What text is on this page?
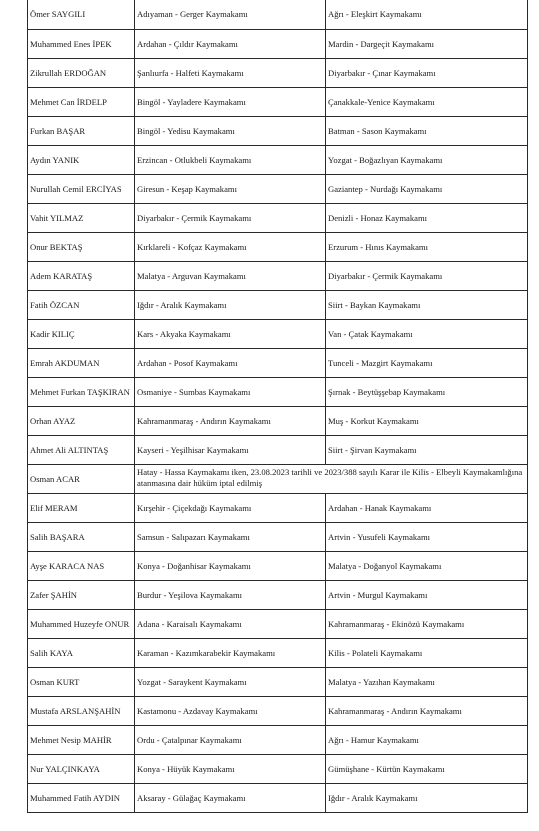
Ömer SAYGILI	Adıyaman - Gerger Kaymakamı	Ağrı - Eleşkirt Kaymakamı
Muhammed Enes İPEK	Ardahan - Çıldır Kaymakamı	Mardin - Dargeçit Kaymakamı
Zikrullah ERDOĞAN	Şanlıurfa - Halfeti Kaymakamı	Diyarbakır - Çınar Kaymakamı
Mehmet Can İRDELP	Bingöl - Yayladere Kaymakamı	Çanakkale-Yenice Kaymakamı
Furkan BAŞAR	Bingöl - Yedisu Kaymakamı	Batman - Sason Kaymakamı
Aydın YANIK	Erzincan - Otlukbeli Kaymakamı	Yozgat - Boğazlıyan Kaymakamı
Nurullah Cemil ERCİYAS	Giresun - Keşap Kaymakamı	Gaziantep - Nurdağı Kaymakamı
Vahit YILMAZ	Diyarbakır - Çermik Kaymakamı	Denizli - Honaz Kaymakamı
Onur BEKTAŞ	Kırklareli - Kofçaz Kaymakamı	Erzurum - Hınıs Kaymakamı
Adem KARATAŞ	Malatya - Arguvan Kaymakamı	Diyarbakır - Çermik Kaymakamı
Fatih ÖZCAN	Iğdır - Aralık Kaymakamı	Siirt - Baykan Kaymakamı
Kadir KILIÇ	Kars - Akyaka Kaymakamı	Van - Çatak Kaymakamı
Emrah AKDUMAN	Ardahan - Posof Kaymakamı	Tunceli - Mazgirt Kaymakamı
Mehmet Furkan TAŞKIRAN	Osmaniye - Sumbas Kaymakamı	Şırnak - Beytüşşebap Kaymakamı
Orhan AYAZ	Kahramanmaraş - Andırın Kaymakamı	Muş - Korkut Kaymakamı
Ahmet Ali ALTINTAŞ	Kayseri - Yeşilhisar Kaymakamı	Siirt - Şirvan Kaymakamı
Osman ACAR	Hatay - Hassa Kaymakamı iken, 23.08.2023 tarihli ve 2023/388 sayılı Karar ile Kilis - Elbeyli Kaymakamlığına atanmasına dair hüküm iptal edilmiş	
Elif MERAM	Kırşehir - Çiçekdağı Kaymakamı	Ardahan - Hanak Kaymakamı
Salih BAŞARA	Samsun - Salıpazarı Kaymakamı	Artvin - Yusufeli Kaymakamı
Ayşe KARACA NAS	Konya - Doğanhisar Kaymakamı	Malatya - Doğanyol Kaymakamı
Zafer ŞAHİN	Burdur - Yeşilova Kaymakamı	Artvin - Murgul Kaymakamı
Muhammed Huzeyfe ONUR	Adana - Karaisalı Kaymakamı	Kahramanmaraş - Ekinözü Kaymakamı
Salih KAYA	Karaman - Kazımkarabekir Kaymakamı	Kilis - Polateli Kaymakamı
Osman KURT	Yozgat - Saraykent Kaymakamı	Malatya - Yazıhan Kaymakamı
Mustafa ARSLANŞAHİN	Kastamonu - Azdavay Kaymakamı	Kahramanmaraş - Andırın Kaymakamı
Mehmet Nesip MAHİR	Ordu - Çatalpınar Kaymakamı	Ağrı - Hamur Kaymakamı
Nur YALÇINKAYA	Konya - Hüyük Kaymakamı	Gümüşhane - Kürtün Kaymakamı
Muhammed Fatih AYDIN	Aksaray - Gülağaç Kaymakamı	Iğdır - Aralık Kaymakamı
